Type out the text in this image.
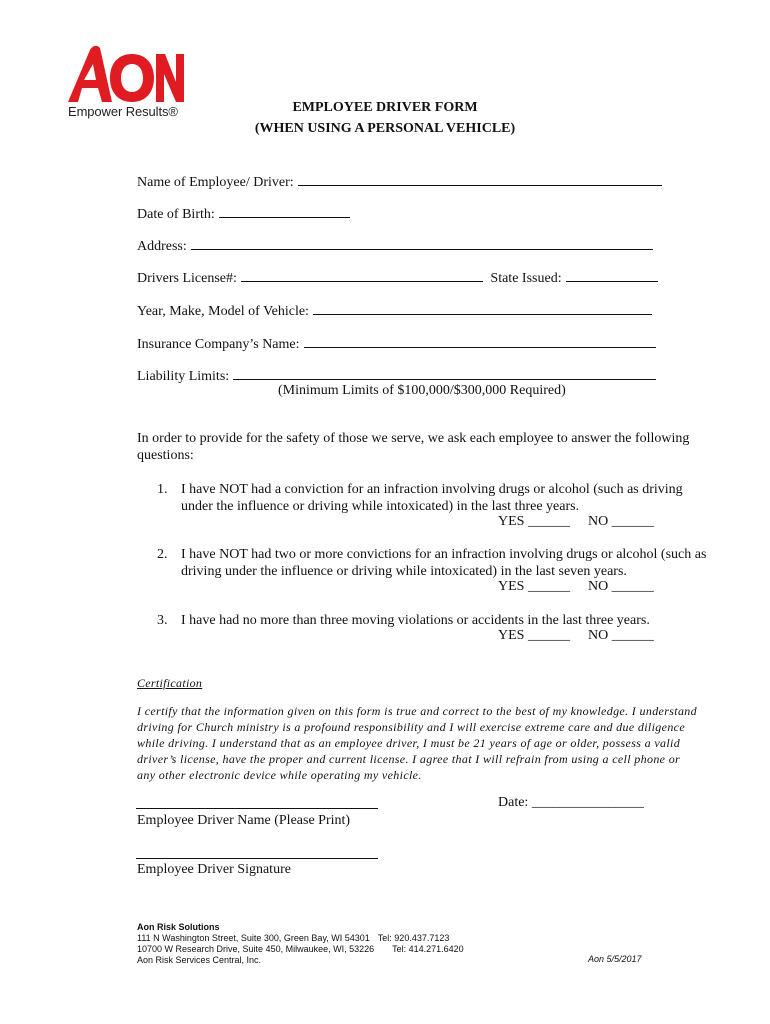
Empower Results®	EMPLOYEE DRIVER FORM
(WHEN USING A PERSONAL VEHICLE)
Name of Employee/ Driver:
Date of Birth:
Address:
Drivers License#:	State Issued:
Year, Make, Model of Vehicle:
Insurance Company’s Name:
Liability Limits:
(Minimum Limits of $100,000/$300,000 Required)
In order to provide for the safety of those we serve, we ask each employee to answer the following questions:
1. I have NOT had a conviction for an infraction involving drugs or alcohol (such as driving under the influence or driving while intoxicated) in the last three years.
YES ______ NO ______
2. I have NOT had two or more convictions for an infraction involving drugs or alcohol (such as driving under the influence or driving while intoxicated) in the last seven years.
YES ______ NO ______
3. I have had no more than three moving violations or accidents in the last three years.
YES ______ NO ______
Certification
I certify that the information given on this form is true and correct to the best of my knowledge. I understand driving for Church ministry is a profound responsibility and I will exercise extreme care and due diligence while driving. I understand that as an employee driver, I must be 21 years of age or older, possess a valid driver’s license, have the proper and current license. I agree that I will refrain from using a cell phone or any other electronic device while operating my vehicle.
Employee Driver Name (Please Print)
Date: ________________
Employee Driver Signature
Aon Risk Solutions
111 N Washington Street, Suite 300, Green Bay, WI 54301 Tel: 920.437.7123
10700 W Research Drive, Suite 450, Milwaukee, WI, 53226 Tel: 414.271.6420
Aon Risk Services Central, Inc.	Aon 5/5/2017
